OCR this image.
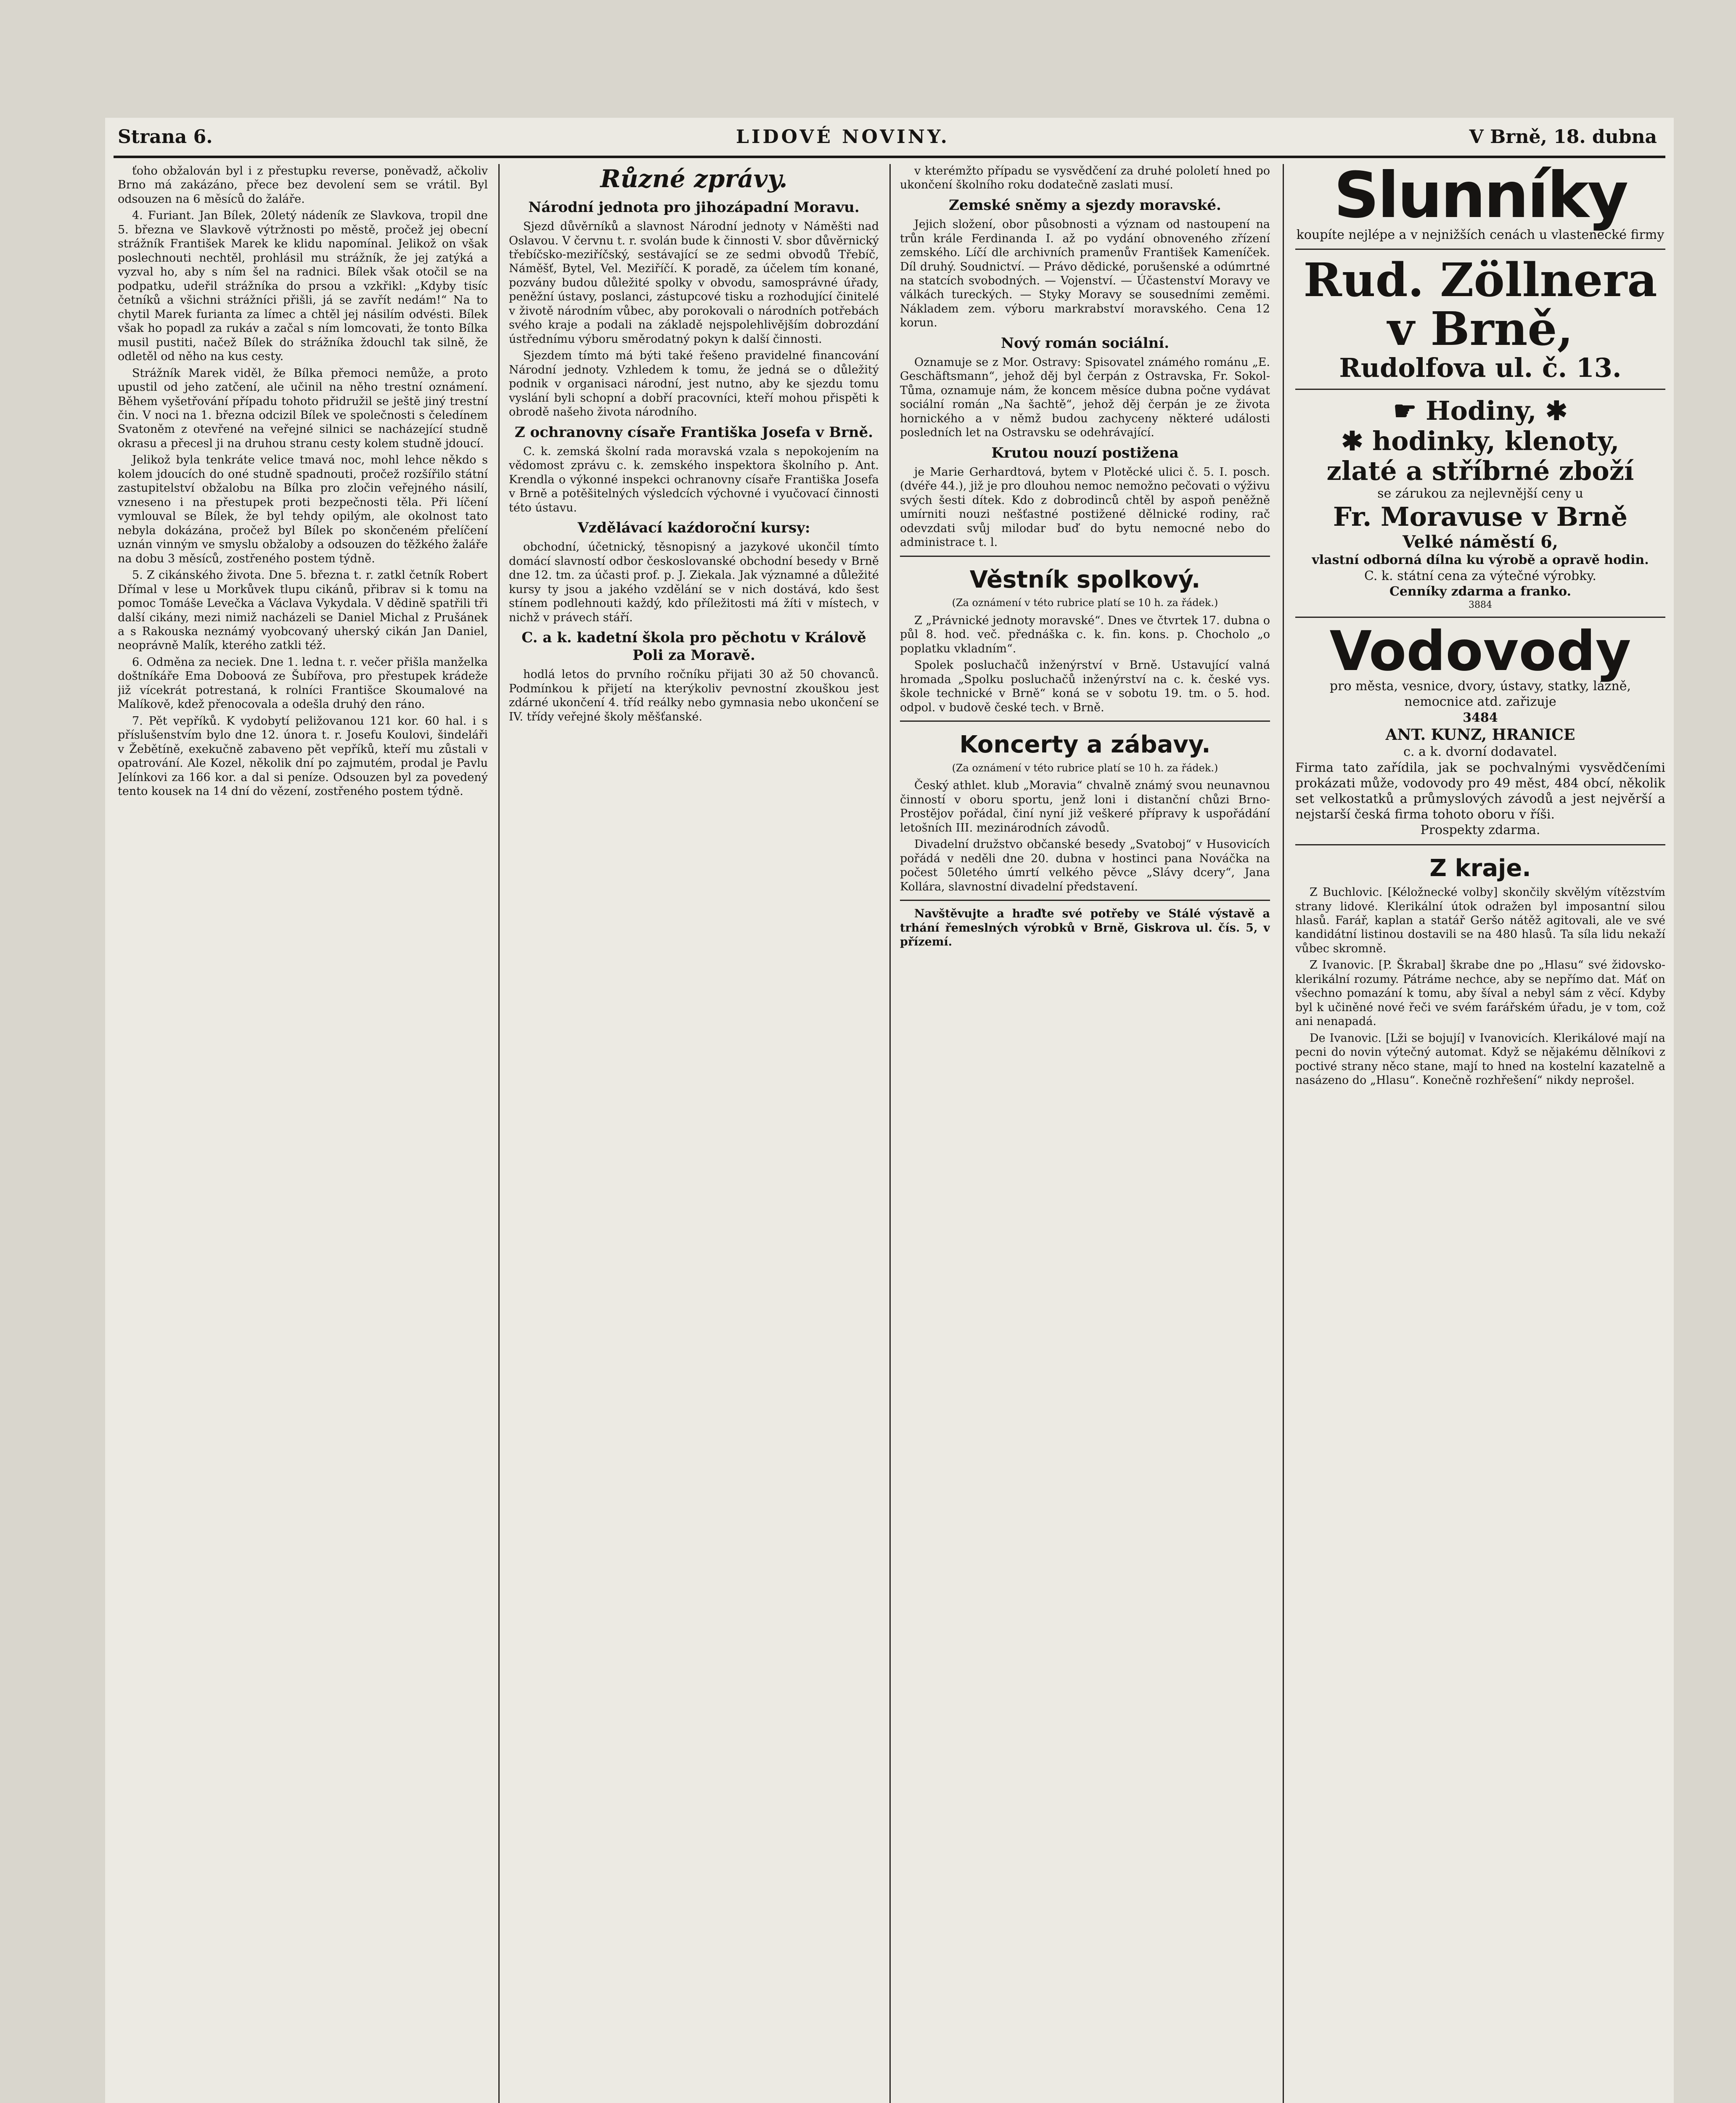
Strana 6.	LIDOVÉ NOVINY.	V Brně, 18. dubna

ťoho obžalován byl i z přestupku reverse, poněvadž, ačkoliv Brno má zakázáno, přece bez devolení sem se vrátil. Byl odsouzen na 6 měsíců do žaláře.

4. Furiant. Jan Bílek, 20letý nádeník ze Slavkova, tropil dne 5. března ve Slavkově výtržnosti po městě, pročež jej obecní strážník František Marek ke klidu napomínal. Jelikož on však poslechnouti nechtěl, prohlásil mu strážník, že jej zatýká a vyzval ho, aby s ním šel na radnici. Bílek však otočil se na podpatku, udeřil strážníka do prsou a vzkřikl: „Kdyby tisíc četníků a všichni strážníci přišli, já se zavřít nedám!“ Na to chytil Marek furianta za límec a chtěl jej násilím odvésti. Bílek však ho popadl za rukáv a začal s ním lomcovati, že tonto Bílka musil pustiti, načež Bílek do strážníka ždouchl tak silně, že odletěl od něho na kus cesty.

Strážník Marek viděl, že Bílka přemoci nemůže, a proto upustil od jeho zatčení, ale učinil na něho trestní oznámení. Během vyšetřování případu tohoto přidružil se ještě jiný trestní čin. V noci na 1. března odcizil Bílek ve společnosti s čeledínem Svatoněm z otevřené na veřejné silnici se nacházející studně okrasu a přecesl ji na druhou stranu cesty kolem studně jdoucí.

Jelikož byla tenkráte velice tmavá noc, mohl lehce někdo s kolem jdoucích do oné studně spadnouti, pročež rozšířilo státní zastupitelství obžalobu na Bílka pro zločin veřejného násilí, vzneseno i na přestupek proti bezpečnosti těla. Při líčení vymlouval se Bílek, že byl tehdy opilým, ale okolnost tato nebyla dokázána, pročež byl Bílek po skončeném přelíčení uznán vinným ve smyslu obžaloby a odsouzen do těžkého žaláře na dobu 3 měsíců, zostřeného postem týdně.

5. Z cikánského života. Dne 5. března t. r. zatkl četník Robert Dřímal v lese u Morkůvek tlupu cikánů, přibrav si k tomu na pomoc Tomáše Levečka a Václava Vykydala. V dědině spatřili tři další cikány, mezi nimiž nacházeli se Daniel Michal z Prušánek a s Rakouska neznámý vyobcovaný uherský cikán Jan Daniel, neoprávně Malík, kterého zatkli též.

6. Odměna za neciek. Dne 1. ledna t. r. večer přišla manželka doštníkáře Ema Doboová ze Šubířova, pro přestupek krádeže již vícekrát potrestaná, k rolníci Františce Skoumalové na Malíkově, kdež přenocovala a odešla druhý den ráno.

7. Pět vepříků. K vydobytí peližovanou 121 kor. 60 hal. i s příslušenstvím bylo dne 12. února t. r. Josefu Koulovi, šindeláři v Žebětíně, exekučně zabaveno pět vepříků, kteří mu zůstali v opatrování. Ale Kozel, několik dní po zajmutém, prodal je Pavlu Jelínkovi za 166 kor. a dal si peníze. Odsouzen byl za povedený tento kousek na 14 dní do vězení, zostřeného postem týdně.

Různé zprávy.
Národní jednota pro jihozápadní Moravu.

Sjezd důvěrníků a slavnost Národní jednoty v Náměšti nad Oslavou. V červnu t. r. svolán bude k činnosti V. sbor důvěrnický třebíčsko-meziříčský, sestávající se ze sedmi obvodů Třebíč, Náměšť, Bytel, Vel. Meziříčí. K poradě, za účelem tím konané, pozvány budou důležité spolky v obvodu, samosprávné úřady, peněžní ústavy, poslanci, zástupcové tisku a rozhodující činitelé v životě národním vůbec, aby porokovali o národních potřebách svého kraje a podali na základě nejspolehlivějším dobrozdání ústřednímu výboru směrodatný pokyn k další činnosti.

Sjezdem tímto má býti také řešeno pravidelné financování Národní jednoty. Vzhledem k tomu, že jedná se o důležitý podnik v organisaci národní, jest nutno, aby ke sjezdu tomu vyslání byli schopní a dobří pracovníci, kteří mohou přispěti k obrodě našeho života národního.

Z ochranovny císaře Františka Josefa v Brně.

C. k. zemská školní rada moravská vzala s nepokojením na vědomost zprávu c. k. zemského inspektora školního p. Ant. Krendla o výkonné inspekci ochranovny císaře Františka Josefa v Brně a potěšitelných výsledcích výchovné i vyučovací činnosti této ústavu.

Vzdělávací kaźdoroční kursy:

obchodní, účetnický, těsnopisný a jazykové ukončil tímto domácí slavností odbor českoslovanské obchodní besedy v Brně dne 12. tm. za účasti prof. p. J. Ziekala. Jak významné a důležité kursy ty jsou a jakého vzdělání se v nich dostává, kdo šest stínem podlehnouti každý, kdo příležitosti má žíti v místech, v nichž v právech stáří.

C. a k. kadetní škola pro pěchotu v Králově Poli za Moravě.

hodlá letos do prvního ročníku přijati 30 až 50 chovanců. Podmínkou k přijetí na kterýkoliv pevnostní zkouškou jest zdárné ukončení 4. tříd reálky nebo gymnasia nebo ukončení se IV. třídy veřejné školy měšťanské.

v kterémžto případu se vysvědčení za druhé pololetí hned po ukončení školního roku dodatečně zaslati musí.

Zemské sněmy a sjezdy moravské.

Jejich složení, obor působnosti a význam od nastoupení na trůn krále Ferdinanda I. až po vydání obnoveného zřízení zemského. Líčí dle archivních pramenův František Kameníček. Díl druhý. Soudnictví. — Právo dědické, porušenské a odúmrtné na statcích svobodných. — Vojenství. — Účastenství Moravy ve válkách tureckých. — Styky Moravy se sousedními zeměmi. Nákladem zem. výboru markrabství moravského. Cena 12 korun.

Nový román sociální.

Oznamuje se z Mor. Ostravy: Spisovatel známého románu „E. Geschäftsmann“, jehož děj byl čerpán z Ostravska, Fr. Sokol-Tůma, oznamuje nám, že koncem měsíce dubna počne vydávat sociální román „Na šachtě“, jehož děj čerpán je ze života hornického a v němž budou zachyceny některé události posledních let na Ostravsku se odehrávající.

Krutou nouzí postižena

je Marie Gerhardtová, bytem v Plotěcké ulici č. 5. I. posch. (dvéře 44.), již je pro dlouhou nemoc nemožno pečovati o výživu svých šesti dítek. Kdo z dobrodinců chtěl by aspoň peněžně umírniti nouzi nešťastné postižené dělnické rodiny, rač odevzdati svůj milodar buď do bytu nemocné nebo do administrace t. l.

Věstník spolkový.
(Za oznámení v této rubrice platí se 10 h. za řádek.)

Z „Právnické jednoty moravské“. Dnes ve čtvrtek 17. dubna o půl 8. hod. več. přednáška c. k. fin. kons. p. Chocholo „o poplatku vkladním“.

Spolek posluchačů inženýrství v Brně. Ustavující valná hromada „Spolku posluchačů inženýrství na c. k. české vys. škole technické v Brně“ koná se v sobotu 19. tm. o 5. hod. odpol. v budově české tech. v Brně.

Koncerty a zábavy.
(Za oznámení v této rubrice platí se 10 h. za řádek.)

Český athlet. klub „Moravia“ chvalně známý svou neunavnou činností v oboru sportu, jenž loni i distanční chůzi Brno-Prostějov pořádal, činí nyní již veškeré přípravy k uspořádání letošních III. mezinárodních závodů.

Divadelní družstvo občanské besedy „Svatoboj“ v Husovicích pořádá v neděli dne 20. dubna v hostinci pana Nováčka na počest 50letého úmrtí velkého pěvce „Slávy dcery“, Jana Kollára, slavnostní divadelní představení.

Navštěvujte a hraďte své potřeby ve Stálé výstavě a trhání řemeslných výrobků v Brně, Giskrova ul. čís. 5, v přízemí.

Slunníky
koupíte nejlépe a v nejnižších cenách u vlastenecké firmy
Rud. Zöllnera
v Brně,
Rudolfova ul. č. 13.
☛ Hodiny, ✱
✱ hodinky, klenoty,
zlaté a stříbrné zboží
se zárukou za nejlevnější ceny u
Fr. Moravuse v Brně
Velké náměstí 6,
vlastní odborná dílna ku výrobě a opravě hodin.
C. k. státní cena za výtečné výrobky.
Cenníky zdarma a franko.
3884
Vodovody
pro města, vesnice, dvory, ústavy, statky, lázně, nemocnice atd. zařizuje
3484
ANT. KUNZ, HRANICE
c. a k. dvorní dodavatel.
Firma tato zařídila, jak se pochvalnými vysvědčeními prokázati může, vodovody pro 49 měst, 484 obcí, několik set velkostatků a průmyslových závodů a jest nejvěrší a nejstarší česká firma tohoto oboru v říši.
Prospekty zdarma.
Z kraje.

Z Buchlovic. [Kéložnecké volby] skončily skvělým vítězstvím strany lidové. Klerikální útok odražen byl imposantní silou hlasů. Farář, kaplan a statář Geršo nátěž agitovali, ale ve své kandidátní listinou dostavili se na 480 hlasů. Ta síla lidu nekaží vůbec skromně.

Z Ivanovic. [P. Škrabal] škrabe dne po „Hlasu“ své židovsko-klerikální rozumy. Pátráme nechce, aby se nepřímo dat. Máť on všechno pomazání k tomu, aby šíval a nebyl sám z věcí. Kdyby byl k učiněné nové řeči ve svém farářském úřadu, je v tom, což ani nenapadá.

De Ivanovic. [Lži se bojují] v Ivanovicích. Klerikálové mají na pecni do novin výtečný automat. Když se nějakému dělníkovi z poctivé strany něco stane, mají to hned na kostelní kazatelně a nasázeno do „Hlasu“. Konečně rozhřešení“ nikdy neprošel.
